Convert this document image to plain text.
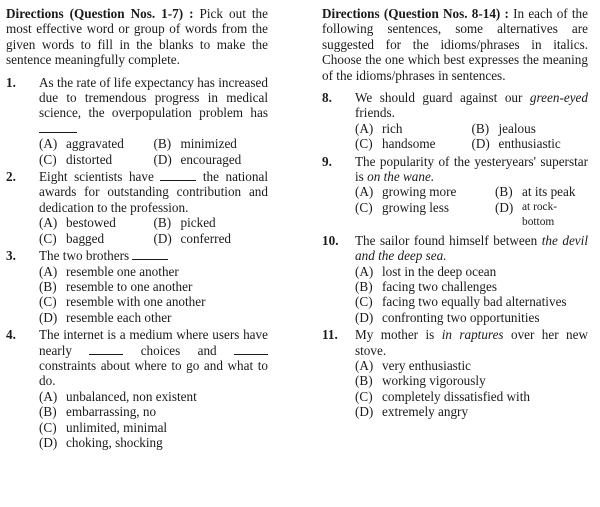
Directions (Question Nos. 1-7) : Pick out the most effective word or group of words from the given words to fill in the blanks to make the sentence meaningfully complete.
1.	As the rate of life expectancy has increased due to tremendous progress in medical science, the overpopulation problem has
(A) aggravated (B) minimized
(C) distorted	(D) encouraged
2.	Eight scientists have	the national awards for outstanding contribution and dedication to the profession.
(A) bestowed	(B) picked
(C) bagged	(D) conferred
3.	The two brothers
(A) resemble one another
(B) resemble to one another
(C) resemble with one another
(D) resemble each other
4.	The internet is a medium where users have nearly	choices and  constraints about where to go and what to do.
(A) unbalanced, non existent
(B) embarrassing, no
(C) unlimited, minimal
(D) choking, shocking
Directions (Question Nos. 8-14) : In each of the following sentences, some alternatives are suggested for the idioms/phrases in italics. Choose the one which best expresses the meaning of the idioms/phrases in sentences.
8.	We should guard against our green-eyed friends.
(A) rich	(B) jealous
(C) handsome	(D) enthusiastic
9.	The popularity of the yesteryears' superstar is on the wane.
(A) growing more	(B) at its peak
(C) growing less	(D) at rock-bottom
10.	The sailor found himself between the devil and the deep sea.
(A) lost in the deep ocean
(B) facing two challenges
(C) facing two equally bad alternatives
(D) confronting two opportunities
11.	My mother is in raptures over her new stove.
(A) very enthusiastic
(B) working vigorously
(C) completely dissatisfied with
(D) extremely angry
